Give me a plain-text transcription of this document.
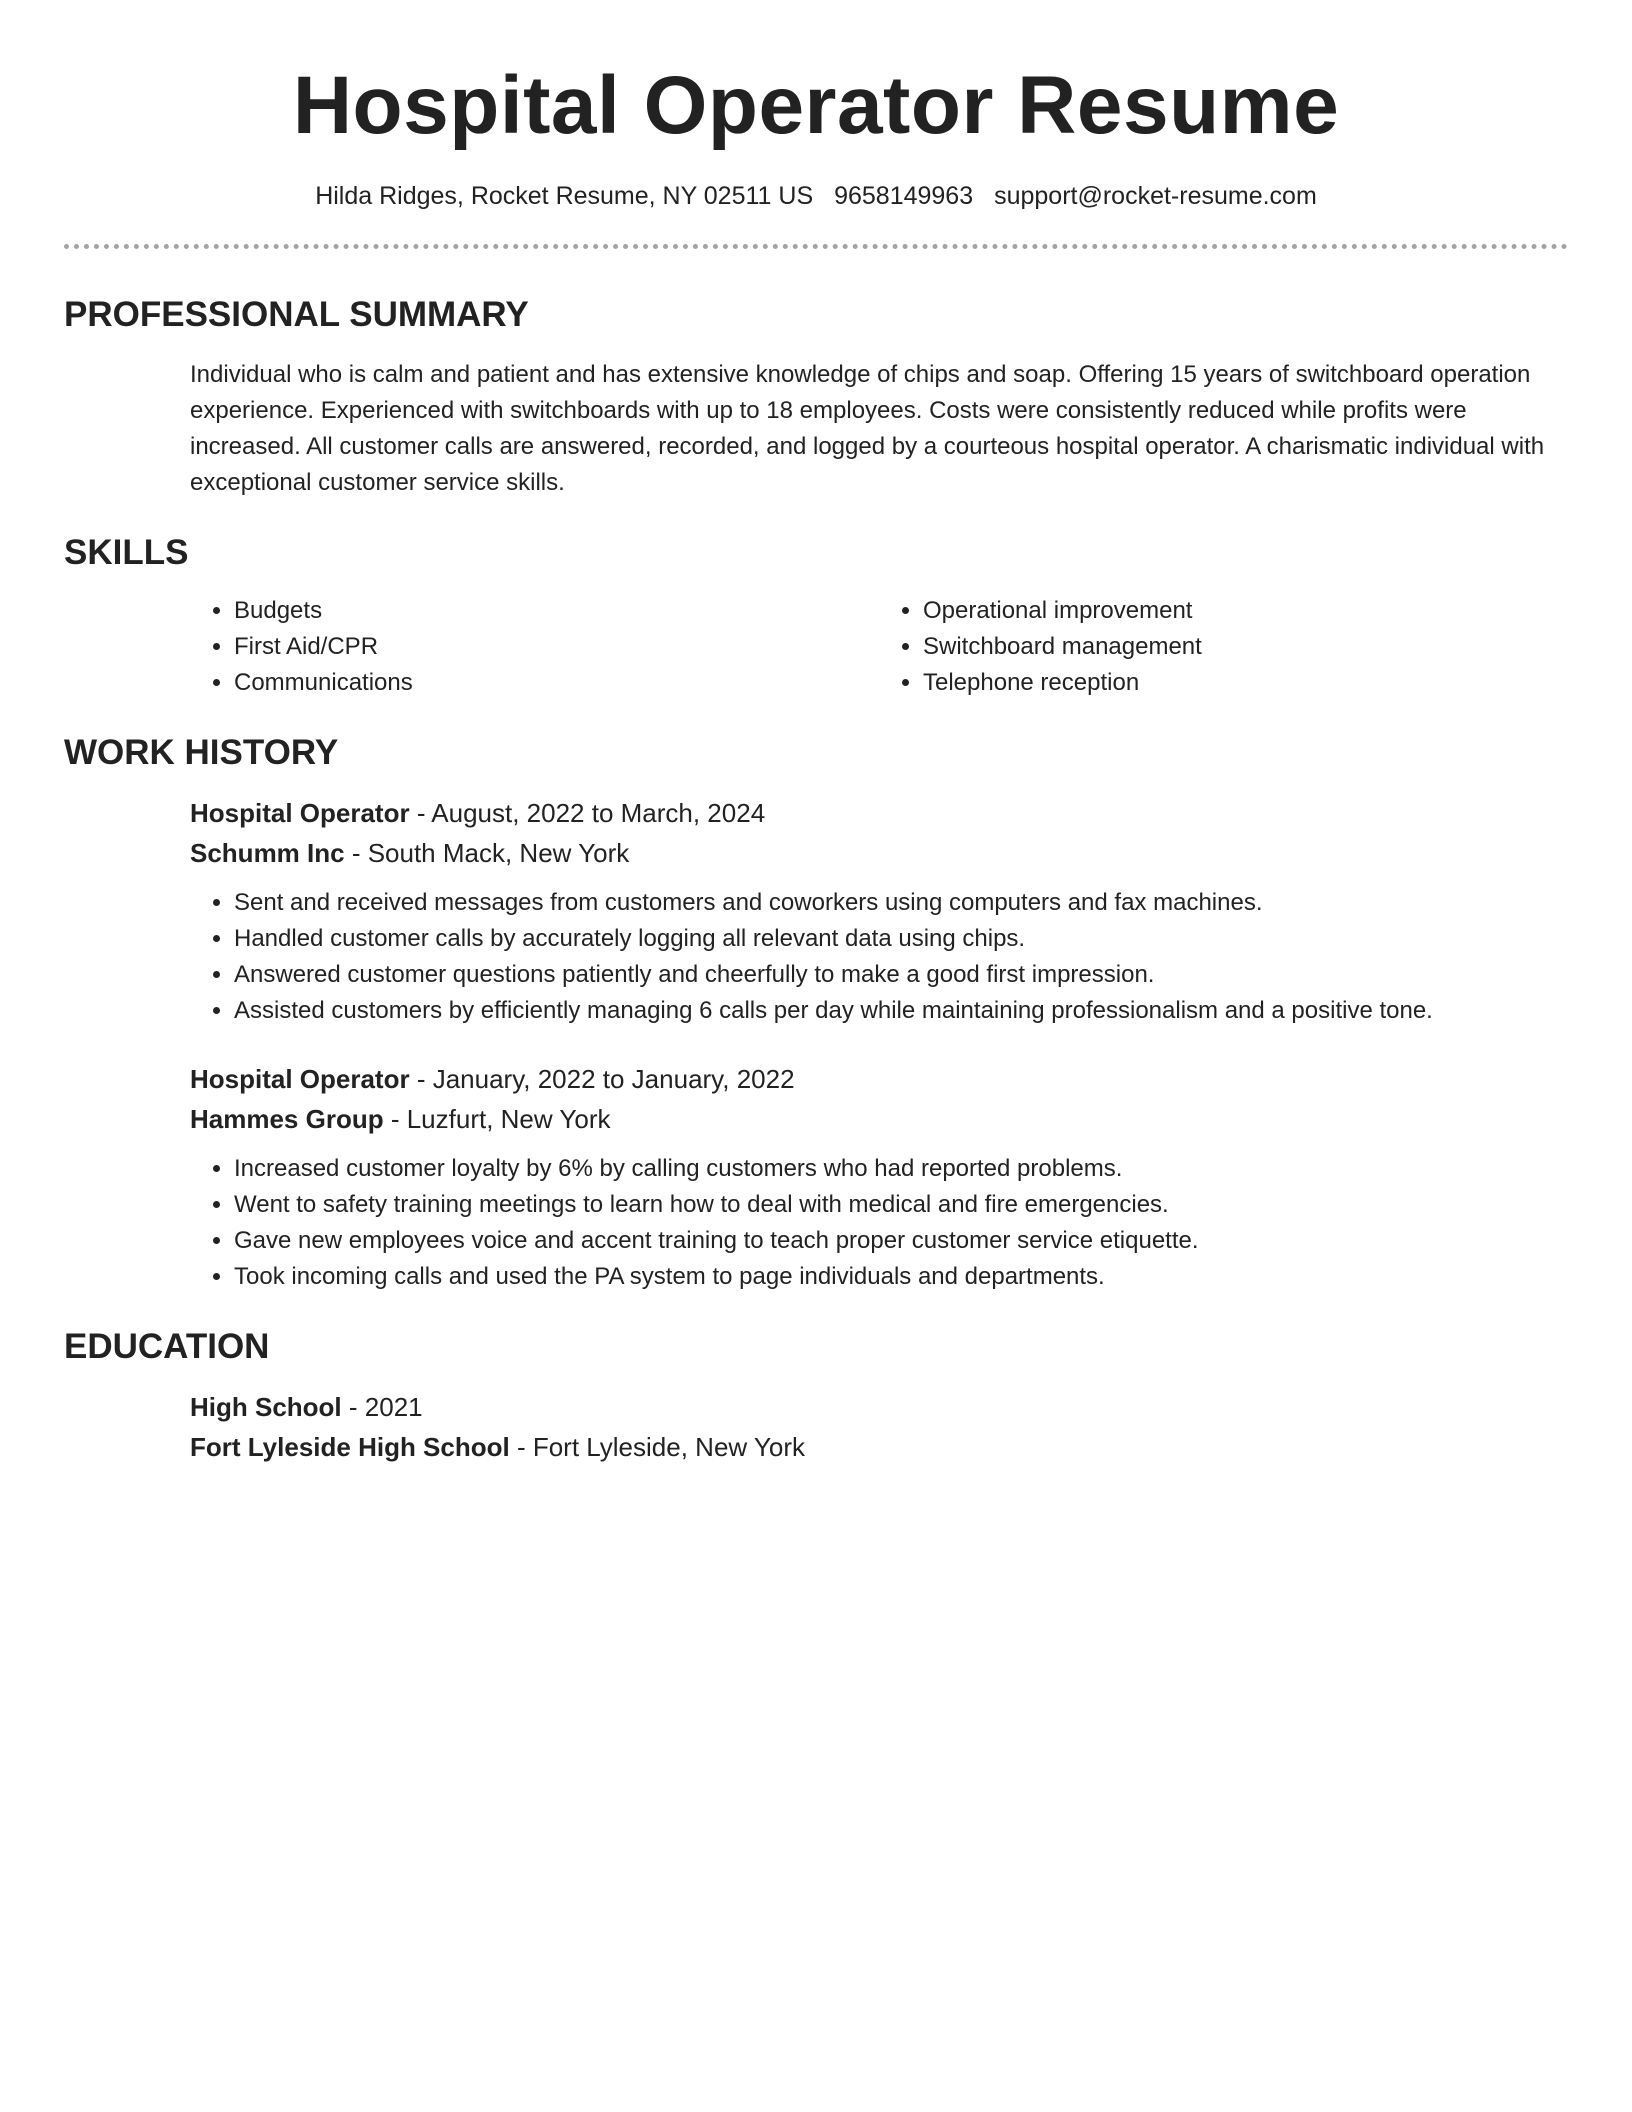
Hospital Operator Resume
Hilda Ridges, Rocket Resume, NY 02511 US 9658149963 support@rocket-resume.com
PROFESSIONAL SUMMARY

Individual who is calm and patient and has extensive knowledge of chips and soap. Offering 15 years of switchboard operation experience. Experienced with switchboards with up to 18 employees. Costs were consistently reduced while profits were increased. All customer calls are answered, recorded, and logged by a courteous hospital operator. A charismatic individual with exceptional customer service skills.

SKILLS
• Budgets
• First Aid/CPR
• Communications
• Operational improvement
• Switchboard management
• Telephone reception
WORK HISTORY
Hospital Operator - August, 2022 to March, 2024
Schumm Inc - South Mack, New York
• Sent and received messages from customers and coworkers using computers and fax machines.
• Handled customer calls by accurately logging all relevant data using chips.
• Answered customer questions patiently and cheerfully to make a good first impression.
• Assisted customers by efficiently managing 6 calls per day while maintaining professionalism and a positive tone.
Hospital Operator - January, 2022 to January, 2022
Hammes Group - Luzfurt, New York
• Increased customer loyalty by 6% by calling customers who had reported problems.
• Went to safety training meetings to learn how to deal with medical and fire emergencies.
• Gave new employees voice and accent training to teach proper customer service etiquette.
• Took incoming calls and used the PA system to page individuals and departments.
EDUCATION
High School - 2021
Fort Lyleside High School - Fort Lyleside, New York
